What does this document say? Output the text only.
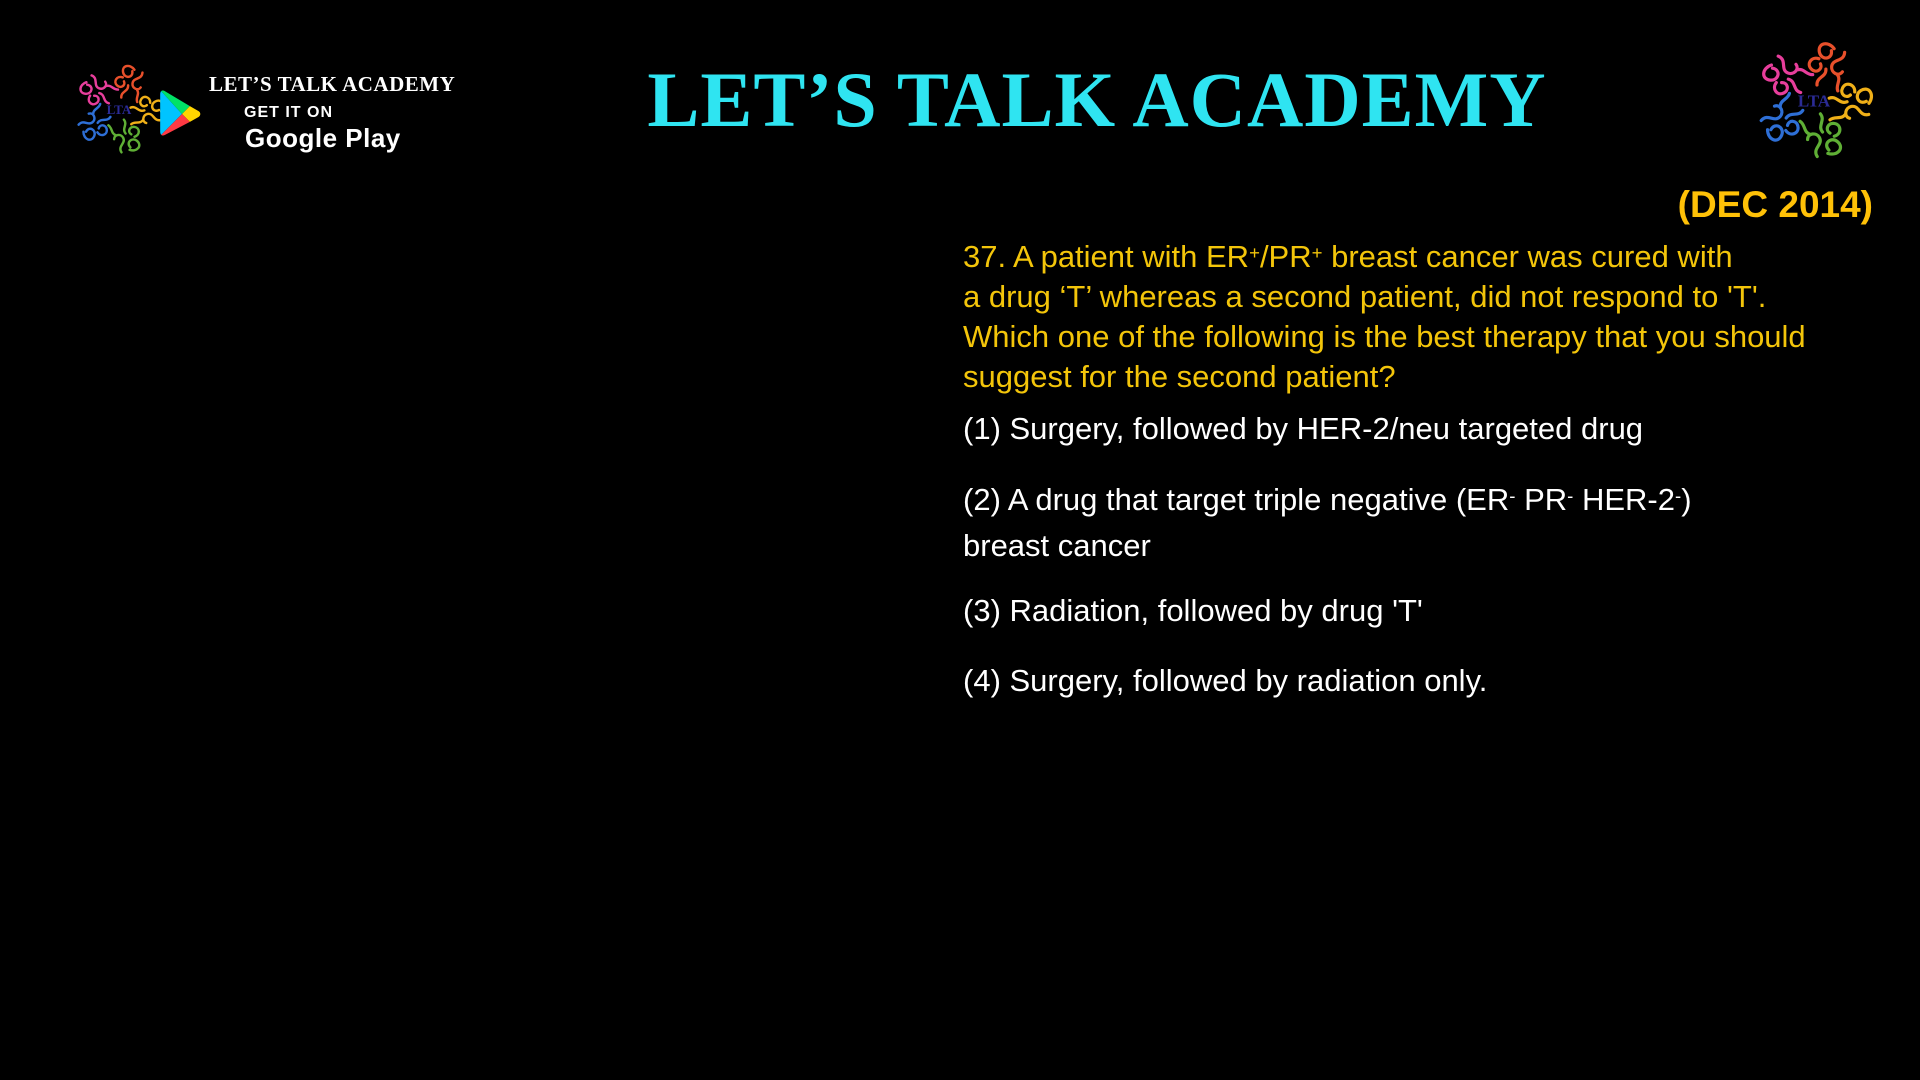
LTA
LET’S TALK ACADEMY
GET IT ON
Google Play	LET’S TALK ACADEMY	LTA
(DEC 2014)
37. A patient with ER+/PR+ breast cancer was cured with
a drug ‘T’ whereas a second patient, did not respond to 'T'.
Which one of the following is the best therapy that you should
suggest for the second patient?
(1) Surgery, followed by HER-2/neu targeted drug
(2) A drug that target triple negative (ER- PR- HER-2-)
breast cancer
(3) Radiation, followed by drug 'T'
(4) Surgery, followed by radiation only.
